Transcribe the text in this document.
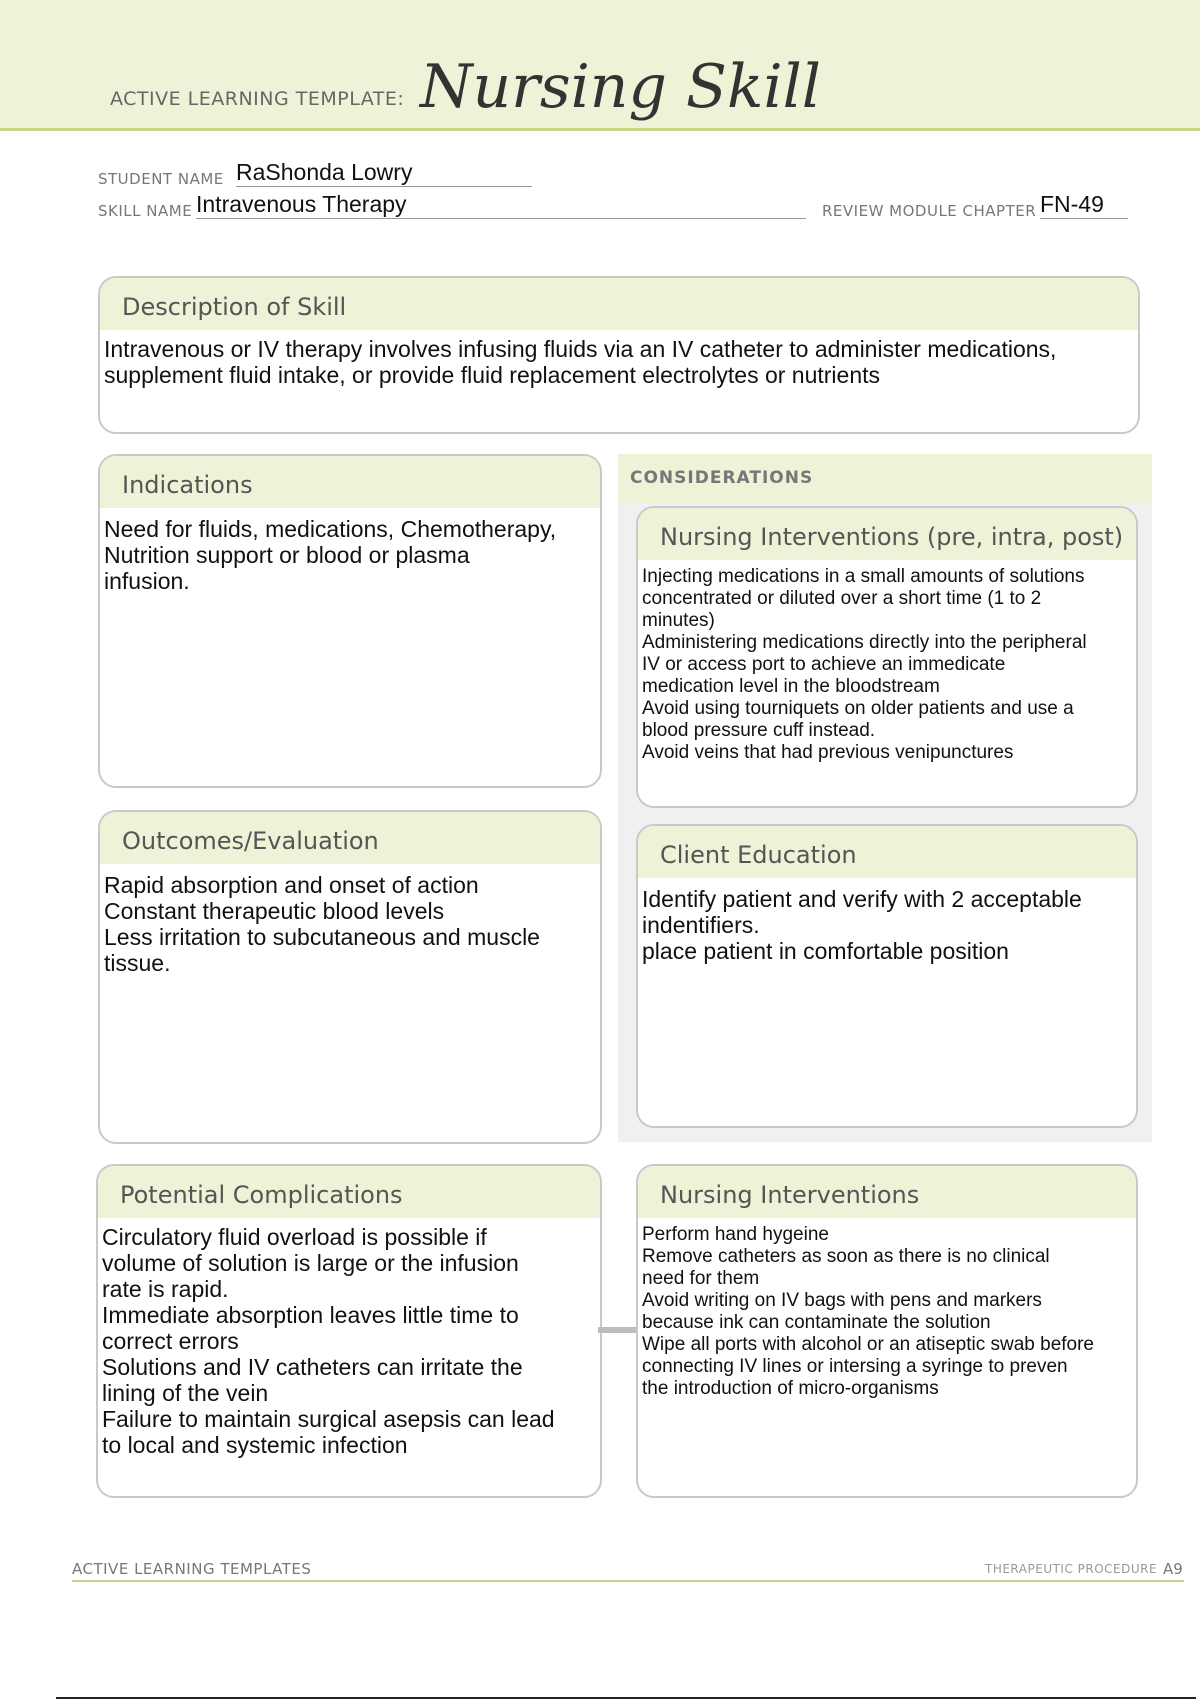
ACTIVE LEARNING TEMPLATE: Nursing Skill
STUDENT NAME RaShonda Lowry
SKILL NAME Intravenous Therapy	REVIEW MODULE CHAPTER FN-49
Description of Skill
Intravenous or IV therapy involves infusing fluids via an IV catheter to administer medications,
supplement fluid intake, or provide fluid replacement electrolytes or nutrients
Indications
Need for fluids, medications, Chemotherapy,
Nutrition support or blood or plasma
infusion.
CONSIDERATIONS
Nursing Interventions (pre, intra, post)
Injecting medications in a small amounts of solutions
concentrated or diluted over a short time (1 to 2
minutes)
Administering medications directly into the peripheral
IV or access port to achieve an immedicate
medication level in the bloodstream
Avoid using tourniquets on older patients and use a
blood pressure cuff instead.
Avoid veins that had previous venipunctures
Client Education
Identify patient and verify with 2 acceptable
indentifiers.
place patient in comfortable position
Outcomes/Evaluation
Rapid absorption and onset of action
Constant therapeutic blood levels
Less irritation to subcutaneous and muscle
tissue.
Potential Complications
Circulatory fluid overload is possible if
volume of solution is large or the infusion
rate is rapid.
Immediate absorption leaves little time to
correct errors
Solutions and IV catheters can irritate the
lining of the vein
Failure to maintain surgical asepsis can lead
to local and systemic infection
Nursing Interventions
Perform hand hygeine
Remove catheters as soon as there is no clinical
need for them
Avoid writing on IV bags with pens and markers
because ink can contaminate the solution
Wipe all ports with alcohol or an atiseptic swab before
connecting IV lines or intersing a syringe to preven
the introduction of micro-organisms
ACTIVE LEARNING TEMPLATES	THERAPEUTIC PROCEDURE A9
